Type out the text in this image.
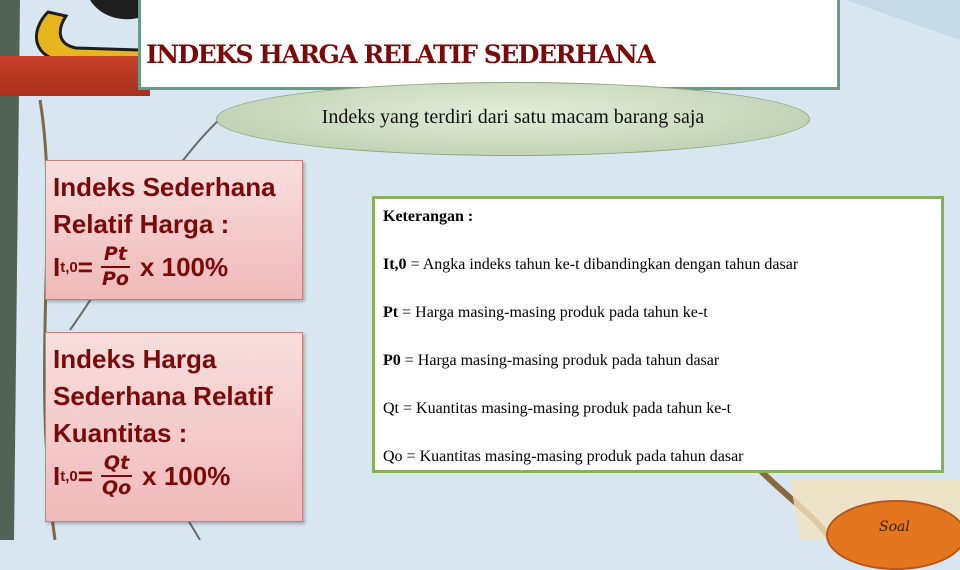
INDEKS HARGA RELATIF SEDERHANA
Indeks yang terdiri dari satu macam barang saja
Indeks Sederhana
Relatif Harga :
I $t,0 = \frac{Pt}{Po}$ x 100%
Indeks Harga
Sederhana Relatif
Kuantitas :
I $t,0 = \frac{Qt}{Qo}$ x 100%
Keterangan :
It,0 = Angka indeks tahun ke-t dibandingkan dengan tahun dasar
Pt = Harga masing-masing produk pada tahun ke-t
P0 = Harga masing-masing produk pada tahun dasar
Qt = Kuantitas masing-masing produk pada tahun ke-t
Qo = Kuantitas masing-masing produk pada tahun dasar
Soal
